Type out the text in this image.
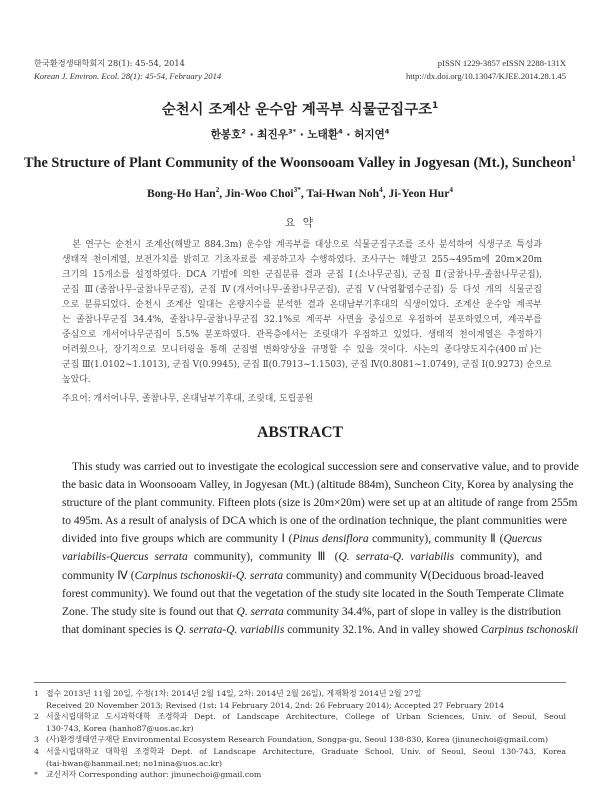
한국환경생태학회지 28(1): 45-54, 2014
Korean J. Environ. Ecol. 28(1): 45-54, February 2014
pISSN 1229-3857 eISSN 2288-131X
http://dx.doi.org/10.13047/KJEE.2014.28.1.45
순천시 조계산 운수암 계곡부 식물군집구조$^1$
한봉호$^2$ · 최진우$^{3*}$ · 노태환$^4$ · 허지연$^4$
The Structure of Plant Community of the Woonsooam Valley in Jogyesan (Mt.), Suncheon$^1$
Bong-Ho Han$^2$, Jin-Woo Choi$^{3*}$, Tai-Hwan Noh$^4$, Ji-Yeon Hur$^4$
요 약
　본 연구는 순천시 조계산(해발고 884.3m) 운수암 계곡부를 대상으로 식물군집구조를 조사 분석하여 식생구조 특성과
생태적 천이계열, 보전가치를 밝히고 기초자료를 제공하고자 수행하였다. 조사구는 해발고 255~495m에 20m×20m
크기의 15개소를 설정하였다. DCA 기법에 의한 군집분류 결과 군집 Ⅰ(소나무군집), 군집 Ⅱ(굴참나무-졸참나무군집),
군집 Ⅲ(졸참나무-굴참나무군집), 군집 Ⅳ(개서어나무-졸참나무군집), 군집 Ⅴ(낙엽활엽수군집) 등 다섯 개의 식물군집
으로 분류되었다. 순천시 조계산 일대는 온량지수를 분석한 결과 온대남부기후대의 식생이었다. 조계산 운수암 계곡부
는 졸참나무군집 34.4%, 졸참나무-굴참나무군집 32.1%로 계곡부 사면을 중심으로 우점하여 분포하였으며, 계곡부를
중심으로 개서어나무군집이 5.5% 분포하였다. 관목층에서는 조릿대가 우점하고 있었다. 생태적 천이계열은 추정하기
어려웠으나, 장기적으로 모니터링을 통해 군집별 변화양상을 규명할 수 있을 것이다. 사논의 종다양도지수(400㎡)는
군집 Ⅲ(1.0102~1.1013), 군집 Ⅴ(0.9945), 군집 Ⅱ(0.7913~1.1503), 군집 Ⅳ(0.8081~1.0749), 군집 Ⅰ(0.9273) 순으로
높았다.
주요어: 개서어나무, 졸참나무, 온대남부기후대, 조릿대, 도립공원
ABSTRACT
This study was carried out to investigate the ecological succession sere and conservative value, and to provide
the basic data in Woonsooam Valley, in Jogyesan (Mt.) (altitude 884m), Suncheon City, Korea by analysing the
structure of the plant community. Fifteen plots (size is 20m×20m) were set up at an altitude of range from 255m
to 495m. As a result of analysis of DCA which is one of the ordination technique, the plant communities were
divided into five groups which are community Ⅰ (Pinus densiflora community), community Ⅱ (Quercus
variabilis-Quercus serrata community), community Ⅲ (Q. serrata-Q. variabilis community), and
community Ⅳ (Carpinus tschonoskii-Q. serrata community) and community Ⅴ(Deciduous broad-leaved
forest community). We found out that the vegetation of the study site located in the South Temperate Climate
Zone. The study site is found out that Q. serrata community 34.4%, part of slope in valley is the distribution
that dominant species is Q. serrata-Q. variabilis community 32.1%. And in valley showed Carpinus tschonoskii
1 접수 2013년 11월 20일, 수정(1차: 2014년 2월 14일, 2차: 2014년 2월 26일), 게재확정 2014년 2월 27일
Received 20 November 2013; Revised (1st: 14 February 2014, 2nd: 26 February 2014); Accepted 27 February 2014
2 서울시립대학교 도시과학대학 조경학과 Dept. of Landscape Architecture, College of Urban Sciences, Univ. of Seoul, Seoul
130-743, Korea (hanho87@uos.ac.kr)
3 (사)환경생태연구재단 Environmental Ecosystem Research Foundation, Songpa-gu, Seoul 138-830, Korea (jinunechoi@gmail.com)
4 서울시립대학교 대학원 조경학과 Dept. of Landscape Architecture, Graduate School, Univ. of Seoul, Seoul 130-743, Korea
(tai-hwan@hanmail.net; no1nina@uos.ac.kr)
* 교신저자 Corresponding author: jinunechoi@gmail.com
